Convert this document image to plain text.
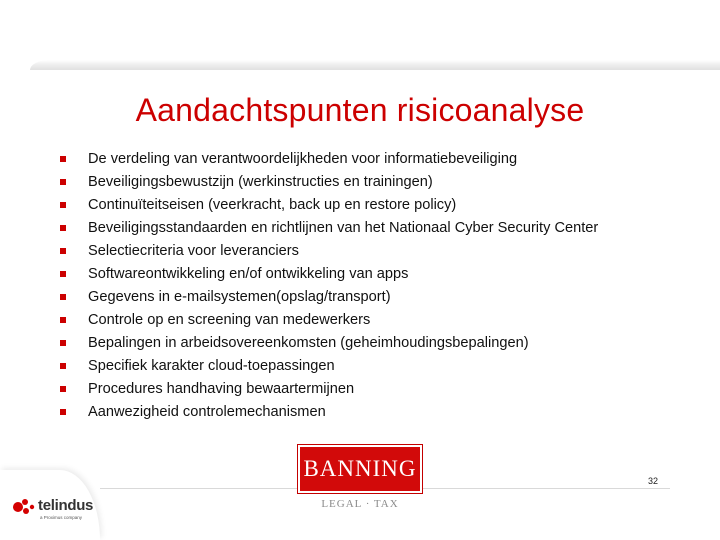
Aandachtspunten risicoanalyse
De verdeling van verantwoordelijkheden voor informatiebeveiliging
Beveiligingsbewustzijn (werkinstructies en trainingen)
Continuïteitseisen (veerkracht, back up en restore policy)
Beveiligingsstandaarden en richtlijnen van het Nationaal Cyber Security Center
Selectiecriteria voor leveranciers
Softwareontwikkeling en/of ontwikkeling van apps
Gegevens in e-mailsystemen(opslag/transport)
Controle op en screening van medewerkers
Bepalingen in arbeidsovereenkomsten (geheimhoudingsbepalingen)
Specifiek karakter cloud-toepassingen
Procedures handhaving bewaartermijnen
Aanwezigheid controlemechanismen
BANNING
LEGAL · TAX
32
telindus
a Proximus company
